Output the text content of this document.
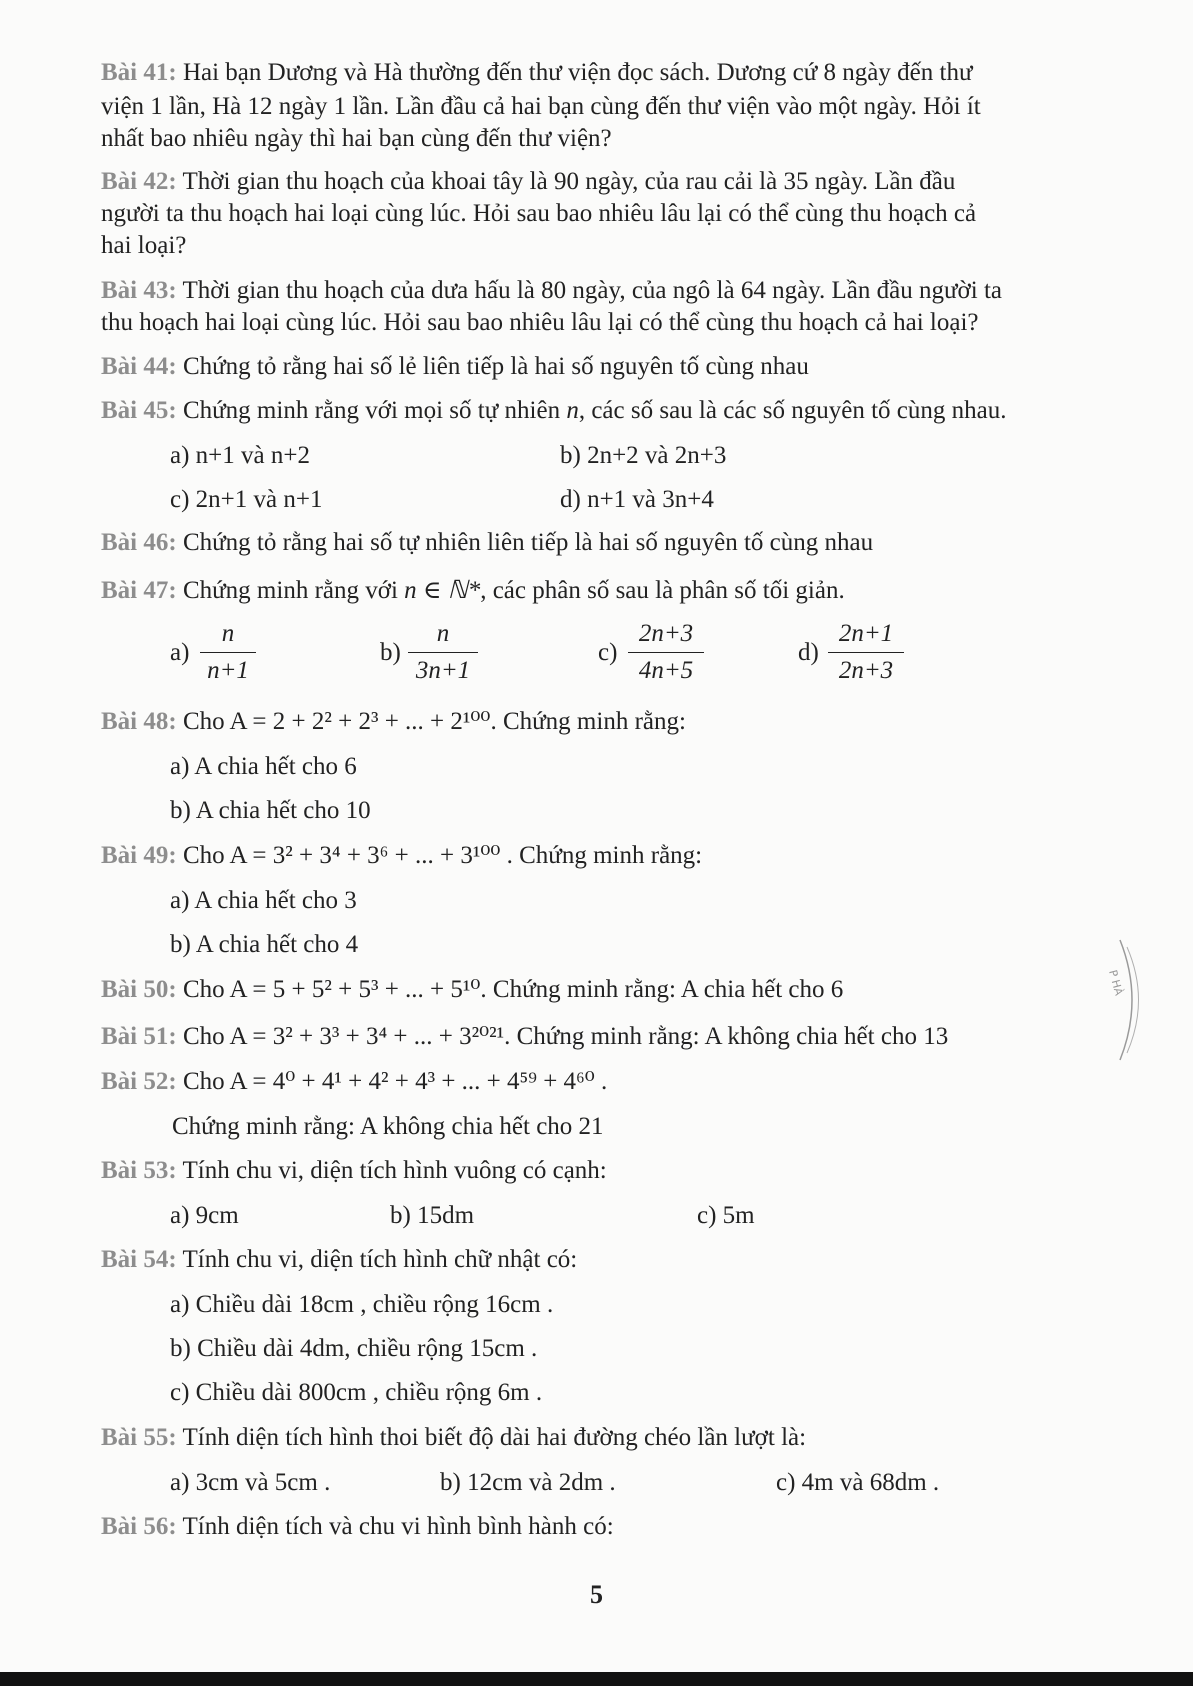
Bài 41: Hai bạn Dương và Hà thường đến thư viện đọc sách. Dương cứ 8 ngày đến thư
viện 1 lần, Hà 12 ngày 1 lần. Lần đầu cả hai bạn cùng đến thư viện vào một ngày. Hỏi ít
nhất bao nhiêu ngày thì hai bạn cùng đến thư viện?
Bài 42: Thời gian thu hoạch của khoai tây là 90 ngày, của rau cải là 35 ngày. Lần đầu
người ta thu hoạch hai loại cùng lúc. Hỏi sau bao nhiêu lâu lại có thể cùng thu hoạch cả
hai loại?
Bài 43: Thời gian thu hoạch của dưa hấu là 80 ngày, của ngô là 64 ngày. Lần đầu người ta
thu hoạch hai loại cùng lúc. Hỏi sau bao nhiêu lâu lại có thể cùng thu hoạch cả hai loại?
Bài 44: Chứng tỏ rằng hai số lẻ liên tiếp là hai số nguyên tố cùng nhau
Bài 45: Chứng minh rằng với mọi số tự nhiên n, các số sau là các số nguyên tố cùng nhau.
a) n+1 và n+2	b) 2n+2 và 2n+3
c) 2n+1 và n+1	d) n+1 và 3n+4
Bài 46: Chứng tỏ rằng hai số tự nhiên liên tiếp là hai số nguyên tố cùng nhau
Bài 47: Chứng minh rằng với n ∈ ℕ*, các phân số sau là phân số tối giản.
$a) \frac{n}{n+1}$	$b) \frac{n}{3n+1}$	$c) \frac{2n+3}{4n+5}$	$d) \frac{2n+1}{2n+3}$
Bài 48: Cho A = 2 + 2² + 2³ + ... + 2¹⁰⁰. Chứng minh rằng:
a) A chia hết cho 6
b) A chia hết cho 10
Bài 49: Cho A = 3² + 3⁴ + 3⁶ + ... + 3¹⁰⁰ . Chứng minh rằng:
a) A chia hết cho 3
b) A chia hết cho 4
Bài 50: Cho A = 5 + 5² + 5³ + ... + 5¹⁰. Chứng minh rằng: A chia hết cho 6
Bài 51: Cho A = 3² + 3³ + 3⁴ + ... + 3²⁰²¹. Chứng minh rằng: A không chia hết cho 13
Bài 52: Cho A = 4⁰ + 4¹ + 4² + 4³ + ... + 4⁵⁹ + 4⁶⁰ .
Chứng minh rằng: A không chia hết cho 21
Bài 53: Tính chu vi, diện tích hình vuông có cạnh:
a) 9cm	b) 15dm	c) 5m
Bài 54: Tính chu vi, diện tích hình chữ nhật có:
a) Chiều dài 18cm , chiều rộng 16cm .
b) Chiều dài 4dm, chiều rộng 15cm .
c) Chiều dài 800cm , chiều rộng 6m .
Bài 55: Tính diện tích hình thoi biết độ dài hai đường chéo lần lượt là:
a) 3cm và 5cm .	b) 12cm và 2dm .	c) 4m và 68dm .
Bài 56: Tính diện tích và chu vi hình bình hành có:
5
P HÀ
